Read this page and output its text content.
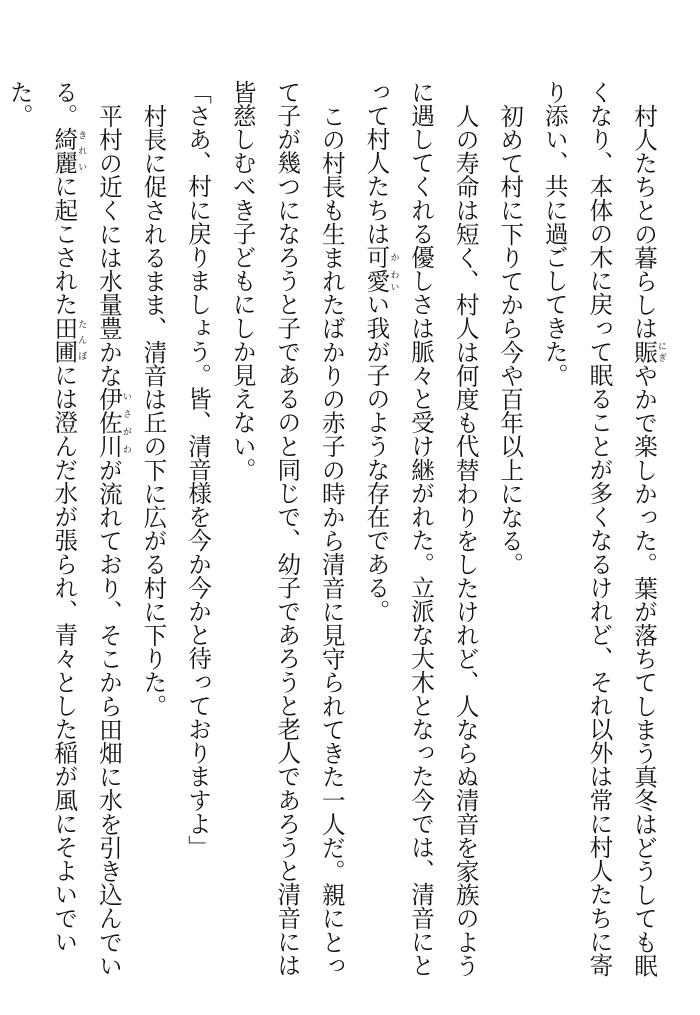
村人たちとの暮らしは賑にぎやかで楽しかった。葉が落ちてしまう真冬はどうしても眠くなり、本体の木に戻って眠ることが多くなるけれど、それ以外は常に村人たちに寄り添い、共に過ごしてきた。

初めて村に下りてから今や百年以上になる。

人の寿命は短く、村人は何度も代替わりをしたけれど、人ならぬ清音を家族のように遇してくれる優しさは脈々と受け継がれた。立派な大木となった今では、清音にとって村人たちは可か愛わいい我が子のような存在である。

この村長も生まれたばかりの赤子の時から清音に見守られてきた一人だ。親にとって子が幾つになろうと子であるのと同じで、幼子であろうと老人であろうと清音には皆慈しむべき子どもにしか見えない。

「さあ、村に戻りましょう。皆、清音様を今か今かと待っておりますよ」

村長に促されるまま、清音は丘の下に広がる村に下りた。

平村の近くには水量豊かな伊佐川いさがわが流れており、そこから田畑に水を引き込んでいる。綺麗きれいに起こされた田圃たんぼには澄んだ水が張られ、青々とした稲が風にそよいでいた。
